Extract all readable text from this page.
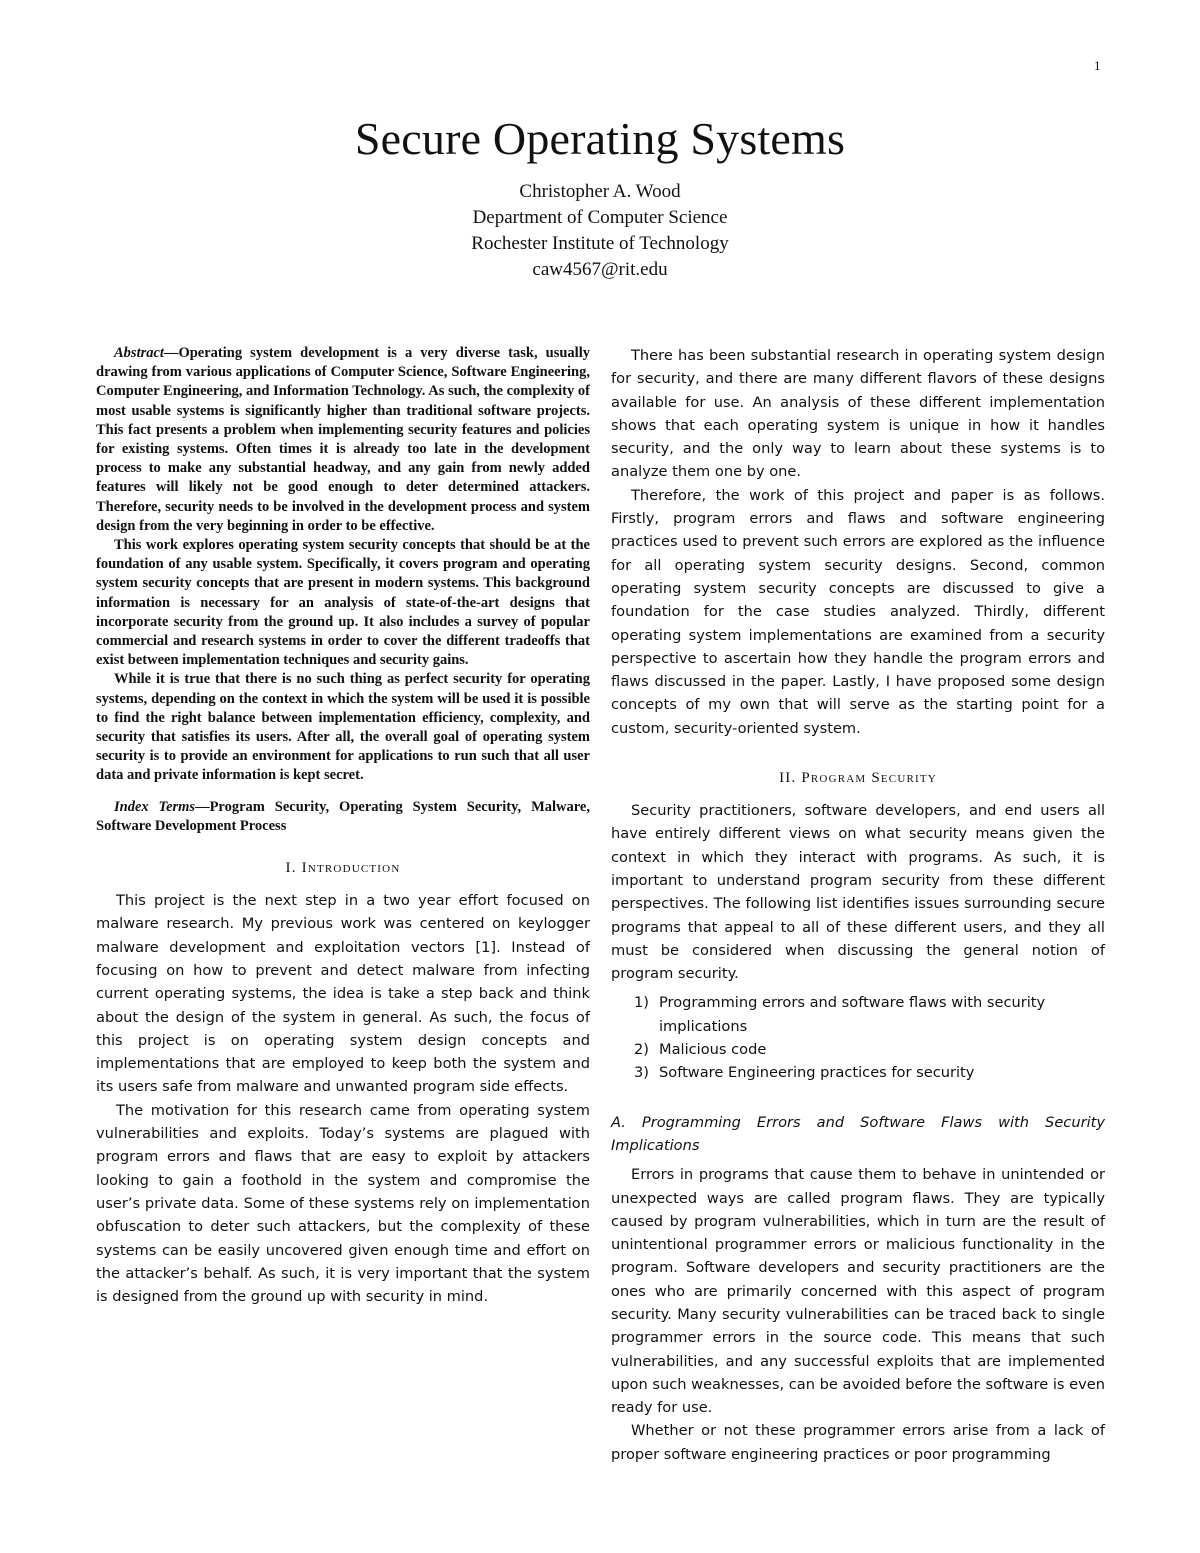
1
Secure Operating Systems

Christopher A. Wood

Department of Computer Science

Rochester Institute of Technology

caw4567@rit.edu

Abstract—Operating system development is a very diverse task, usually drawing from various applications of Computer Science, Software Engineering, Computer Engineering, and Information Technology. As such, the complexity of most usable systems is significantly higher than traditional software projects. This fact presents a problem when implementing security features and policies for existing systems. Often times it is already too late in the development process to make any substantial headway, and any gain from newly added features will likely not be good enough to deter determined attackers. Therefore, security needs to be involved in the development process and system design from the very beginning in order to be effective.

This work explores operating system security concepts that should be at the foundation of any usable system. Specifically, it covers program and operating system security concepts that are present in modern systems. This background information is necessary for an analysis of state-of-the-art designs that incorporate security from the ground up. It also includes a survey of popular commercial and research systems in order to cover the different tradeoffs that exist between implementation techniques and security gains.

While it is true that there is no such thing as perfect security for operating systems, depending on the context in which the system will be used it is possible to find the right balance between implementation efficiency, complexity, and security that satisfies its users. After all, the overall goal of operating system security is to provide an environment for applications to run such that all user data and private information is kept secret.

Index Terms—Program Security, Operating System Security, Malware, Software Development Process

I. Introduction

This project is the next step in a two year effort focused on malware research. My previous work was centered on keylogger malware development and exploitation vectors [1]. Instead of focusing on how to prevent and detect malware from infecting current operating systems, the idea is take a step back and think about the design of the system in general. As such, the focus of this project is on operating system design concepts and implementations that are employed to keep both the system and its users safe from malware and unwanted program side effects.

The motivation for this research came from operating system vulnerabilities and exploits. Today’s systems are plagued with program errors and flaws that are easy to exploit by attackers looking to gain a foothold in the system and compromise the user’s private data. Some of these systems rely on implementation obfuscation to deter such attackers, but the complexity of these systems can be easily uncovered given enough time and effort on the attacker’s behalf. As such, it is very important that the system is designed from the ground up with security in mind.

There has been substantial research in operating system design for security, and there are many different flavors of these designs available for use. An analysis of these different implementation shows that each operating system is unique in how it handles security, and the only way to learn about these systems is to analyze them one by one.

Therefore, the work of this project and paper is as follows. Firstly, program errors and flaws and software engineering practices used to prevent such errors are explored as the influence for all operating system security designs. Second, common operating system security concepts are discussed to give a foundation for the case studies analyzed. Thirdly, different operating system implementations are examined from a security perspective to ascertain how they handle the program errors and flaws discussed in the paper. Lastly, I have proposed some design concepts of my own that will serve as the starting point for a custom, security-oriented system.

II. Program Security

Security practitioners, software developers, and end users all have entirely different views on what security means given the context in which they interact with programs. As such, it is important to understand program security from these different perspectives. The following list identifies issues surrounding secure programs that appeal to all of these different users, and they all must be considered when discussing the general notion of program security.

1) Programming errors and software flaws with security implications
2) Malicious code
3) Software Engineering practices for security
A. Programming Errors and Software Flaws with Security Implications

Errors in programs that cause them to behave in unintended or unexpected ways are called program flaws. They are typically caused by program vulnerabilities, which in turn are the result of unintentional programmer errors or malicious functionality in the program. Software developers and security practitioners are the ones who are primarily concerned with this aspect of program security. Many security vulnerabilities can be traced back to single programmer errors in the source code. This means that such vulnerabilities, and any successful exploits that are implemented upon such weaknesses, can be avoided before the software is even ready for use.

Whether or not these programmer errors arise from a lack of proper software engineering practices or poor programming
